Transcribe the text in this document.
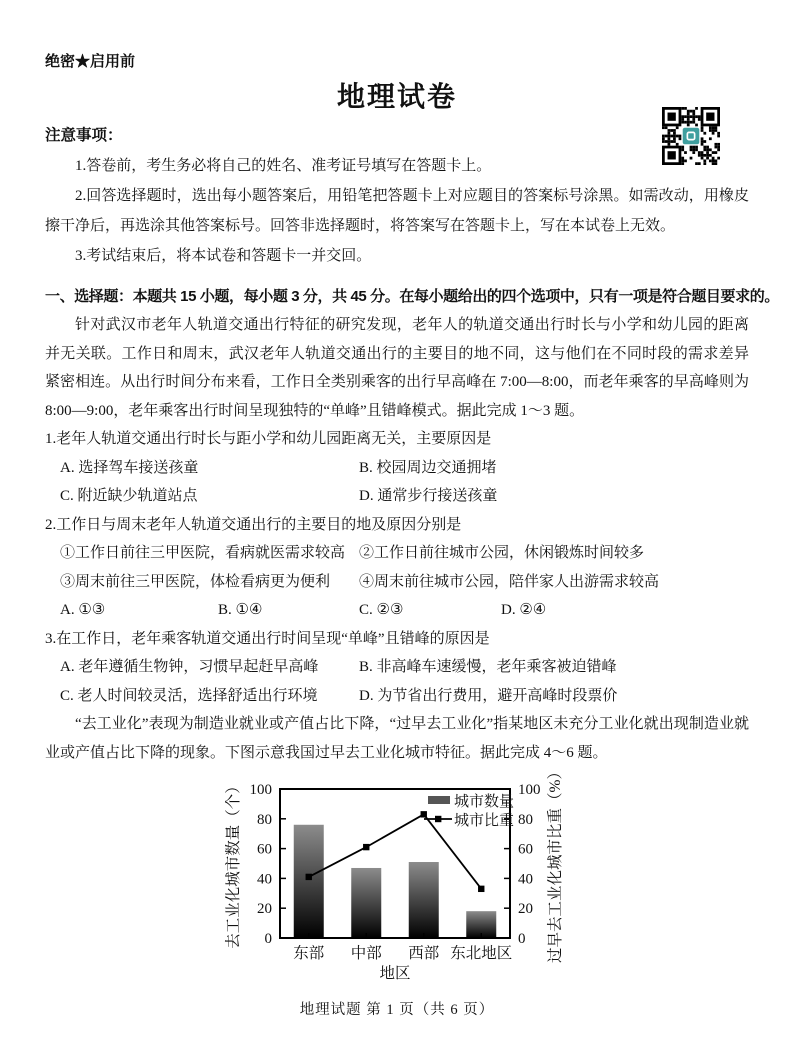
绝密★启用前
地理试卷
注意事项：

1.答卷前，考生务必将自己的姓名、准考证号填写在答题卡上。

2.回答选择题时，选出每小题答案后，用铅笔把答题卡上对应题目的答案标号涂黑。如需改动，用橡皮擦干净后，再选涂其他答案标号。回答非选择题时，将答案写在答题卡上，写在本试卷上无效。

3.考试结束后，将本试卷和答题卡一并交回。

一、选择题：本题共 15 小题，每小题 3 分，共 45 分。在每小题给出的四个选项中，只有一项是符合题目要求的。

针对武汉市老年人轨道交通出行特征的研究发现，老年人的轨道交通出行时长与小学和幼儿园的距离并无关联。工作日和周末，武汉老年人轨道交通出行的主要目的地不同，这与他们在不同时段的需求差异紧密相连。从出行时间分布来看，工作日全类别乘客的出行早高峰在 7:00—8:00，而老年乘客的早高峰则为 8:00—9:00，老年乘客出行时间呈现独特的“单峰”且错峰模式。据此完成 1～3 题。

1.老年人轨道交通出行时长与距小学和幼儿园距离无关，主要原因是

A. 选择驾车接送孩童	B. 校园周边交通拥堵
C. 附近缺少轨道站点	D. 通常步行接送孩童

2.工作日与周末老年人轨道交通出行的主要目的地及原因分别是

①工作日前往三甲医院，看病就医需求较高 ②工作日前往城市公园，休闲锻炼时间较多
③周末前往三甲医院，体检看病更为便利	④周末前往城市公园，陪伴家人出游需求较高
A. ①③	B. ①④	C. ②③	D. ②④

3.在工作日，老年乘客轨道交通出行时间呈现“单峰”且错峰的原因是

A. 老年遵循生物钟，习惯早起赶早高峰	B. 非高峰车速缓慢，老年乘客被迫错峰
C. 老人时间较灵活，选择舒适出行环境	D. 为节省出行费用，避开高峰时段票价

“去工业化”表现为制造业就业或产值占比下降，“过早去工业化”指某地区未充分工业化就出现制造业就业或产值占比下降的现象。下图示意我国过早去工业化城市特征。据此完成 4～6 题。

0	0
20	20
40	40
60	60
80	80
100	100
东部 中部 西部 东北地区
地区
去工业化城市数量（个）	过早去工业化城市比重（%）
城市数量
城市比重
地理试题 第 1 页（共 6 页）
